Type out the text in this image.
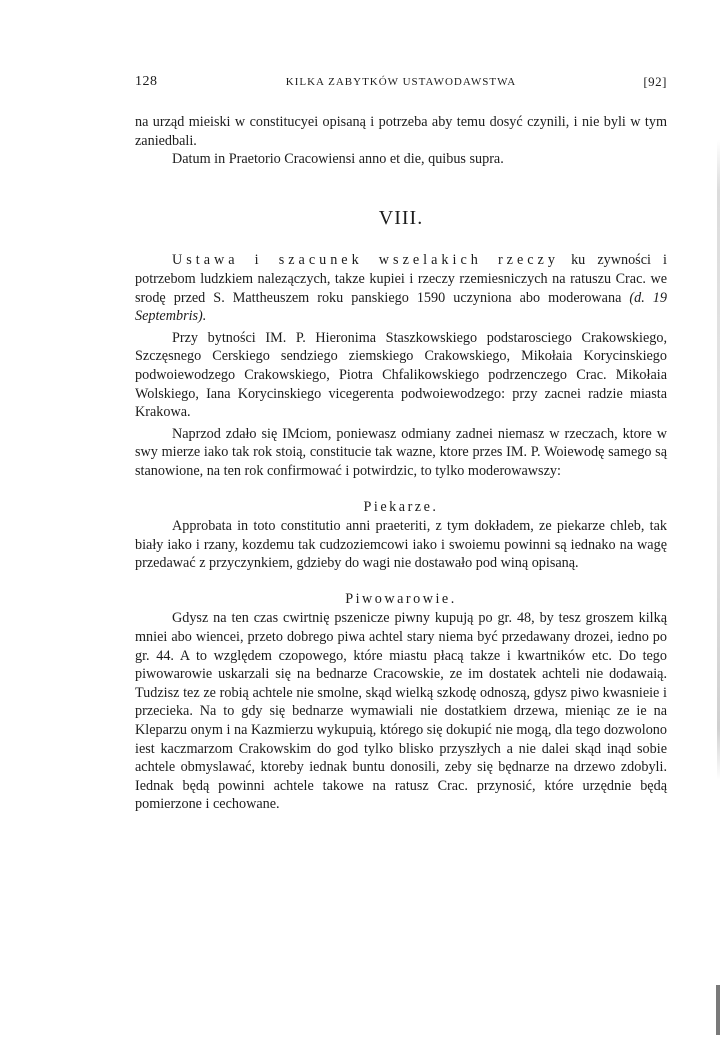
128	KILKA ZABYTKÓW USTAWODAWSTWA	[92]

na urząd mieiski w constitucyei opisaną i potrzeba aby temu dosyć czynili, i nie byli w tym zaniedbali.

Datum in Praetorio Cracowiensi anno et die, quibus supra.

VIII.

Ustawa i szacunek wszelakich rzeczy ku zywności i potrzebom ludzkiem nalezączych, takze kupiei i rzeczy rzemiesniczych na ratuszu Crac. we srodę przed S. Mattheuszem roku panskiego 1590 uczyniona abo moderowana (d. 19 Septembris).

Przy bytności IM. P. Hieronima Staszkowskiego podstarosciego Crakowskiego, Szczęsnego Cerskiego sendziego ziemskiego Crakowskiego, Mikołaia Korycinskiego podwoiewodzego Crakowskiego, Piotra Chfalikowskiego podrzenczego Crac. Mikołaia Wolskiego, Iana Korycinskiego vicegerenta podwoiewodzego: przy zacnei radzie miasta Krakowa.

Naprzod zdało się IMciom, poniewasz odmiany zadnei niemasz w rzeczach, ktore w swy mierze iako tak rok stoią, constitucie tak wazne, ktore przes IM. P. Woiewodę samego są stanowione, na ten rok confirmować i potwirdzic, to tylko moderowawszy:

Piekarze.

Approbata in toto constitutio anni praeteriti, z tym dokładem, ze piekarze chleb, tak biały iako i rzany, kozdemu tak cudzoziemcowi iako i swoiemu powinni są iednako na wagę przedawać z przyczynkiem, gdzieby do wagi nie dostawało pod winą opisaną.

Piwowarowie.

Gdysz na ten czas cwirtnię pszenicze piwny kupują po gr. 48, by tesz groszem kilką mniei abo wiencei, przeto dobrego piwa achtel stary niema być przedawany drozei, iedno po gr. 44. A to względem czopowego, które miastu płacą takze i kwartników etc. Do tego piwowarowie uskarzali się na bednarze Cracowskie, ze im dostatek achteli nie dodawaią. Tudzisz tez ze robią achtele nie smolne, skąd wielką szkodę odnoszą, gdysz piwo kwasnieie i przecieka. Na to gdy się bednarze wymawiali nie dostatkiem drzewa, mieniąc ze ie na Kleparzu onym i na Kazmierzu wykupuią, którego się dokupić nie mogą, dla tego dozwolono iest kaczmarzom Crakowskim do god tylko blisko przyszłych a nie dalei skąd inąd sobie achtele obmyslawać, ktoreby iednak buntu donosili, zeby się będnarze na drzewo zdobyli. Iednak będą powinni achtele takowe na ratusz Crac. przynosić, które urzędnie będą pomierzone i cechowane.
